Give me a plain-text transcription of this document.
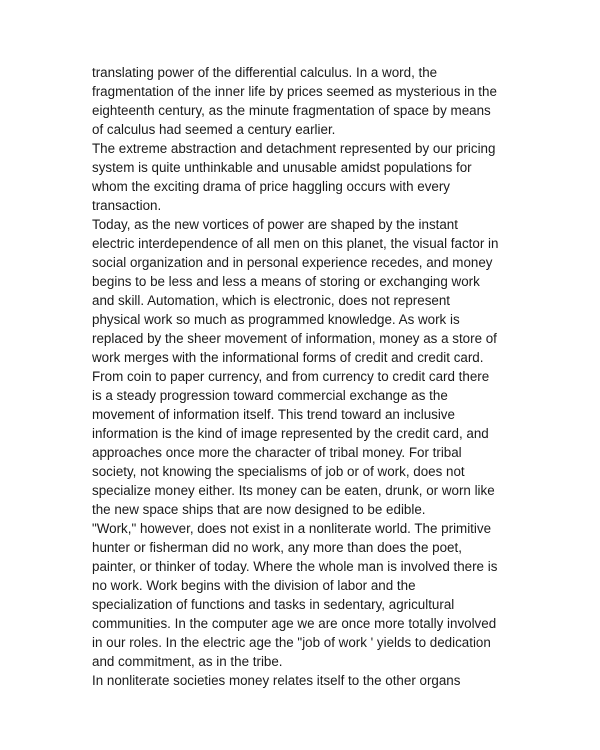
translating power of the differential calculus. In a word, the
fragmentation of the inner life by prices seemed as mysterious in the
eighteenth century, as the minute fragmentation of space by means
of calculus had seemed a century earlier.
The extreme abstraction and detachment represented by our pricing
system is quite unthinkable and unusable amidst populations for
whom the exciting drama of price haggling occurs with every
transaction.
Today, as the new vortices of power are shaped by the instant
electric interdependence of all men on this planet, the visual factor in
social organization and in personal experience recedes, and money
begins to be less and less a means of storing or exchanging work
and skill. Automation, which is electronic, does not represent
physical work so much as programmed knowledge. As work is
replaced by the sheer movement of information, money as a store of
work merges with the informational forms of credit and credit card.
From coin to paper currency, and from currency to credit card there
is a steady progression toward commercial exchange as the
movement of information itself. This trend toward an inclusive
information is the kind of image represented by the credit card, and
approaches once more the character of tribal money. For tribal
society, not knowing the specialisms of job or of work, does not
specialize money either. Its money can be eaten, drunk, or worn like
the new space ships that are now designed to be edible.
"Work," however, does not exist in a nonliterate world. The primitive
hunter or fisherman did no work, any more than does the poet,
painter, or thinker of today. Where the whole man is involved there is
no work. Work begins with the division of labor and the
specialization of functions and tasks in sedentary, agricultural
communities. In the computer age we are once more totally involved
in our roles. In the electric age the "job of work ' yields to dedication
and commitment, as in the tribe.
In nonliterate societies money relates itself to the other organs
